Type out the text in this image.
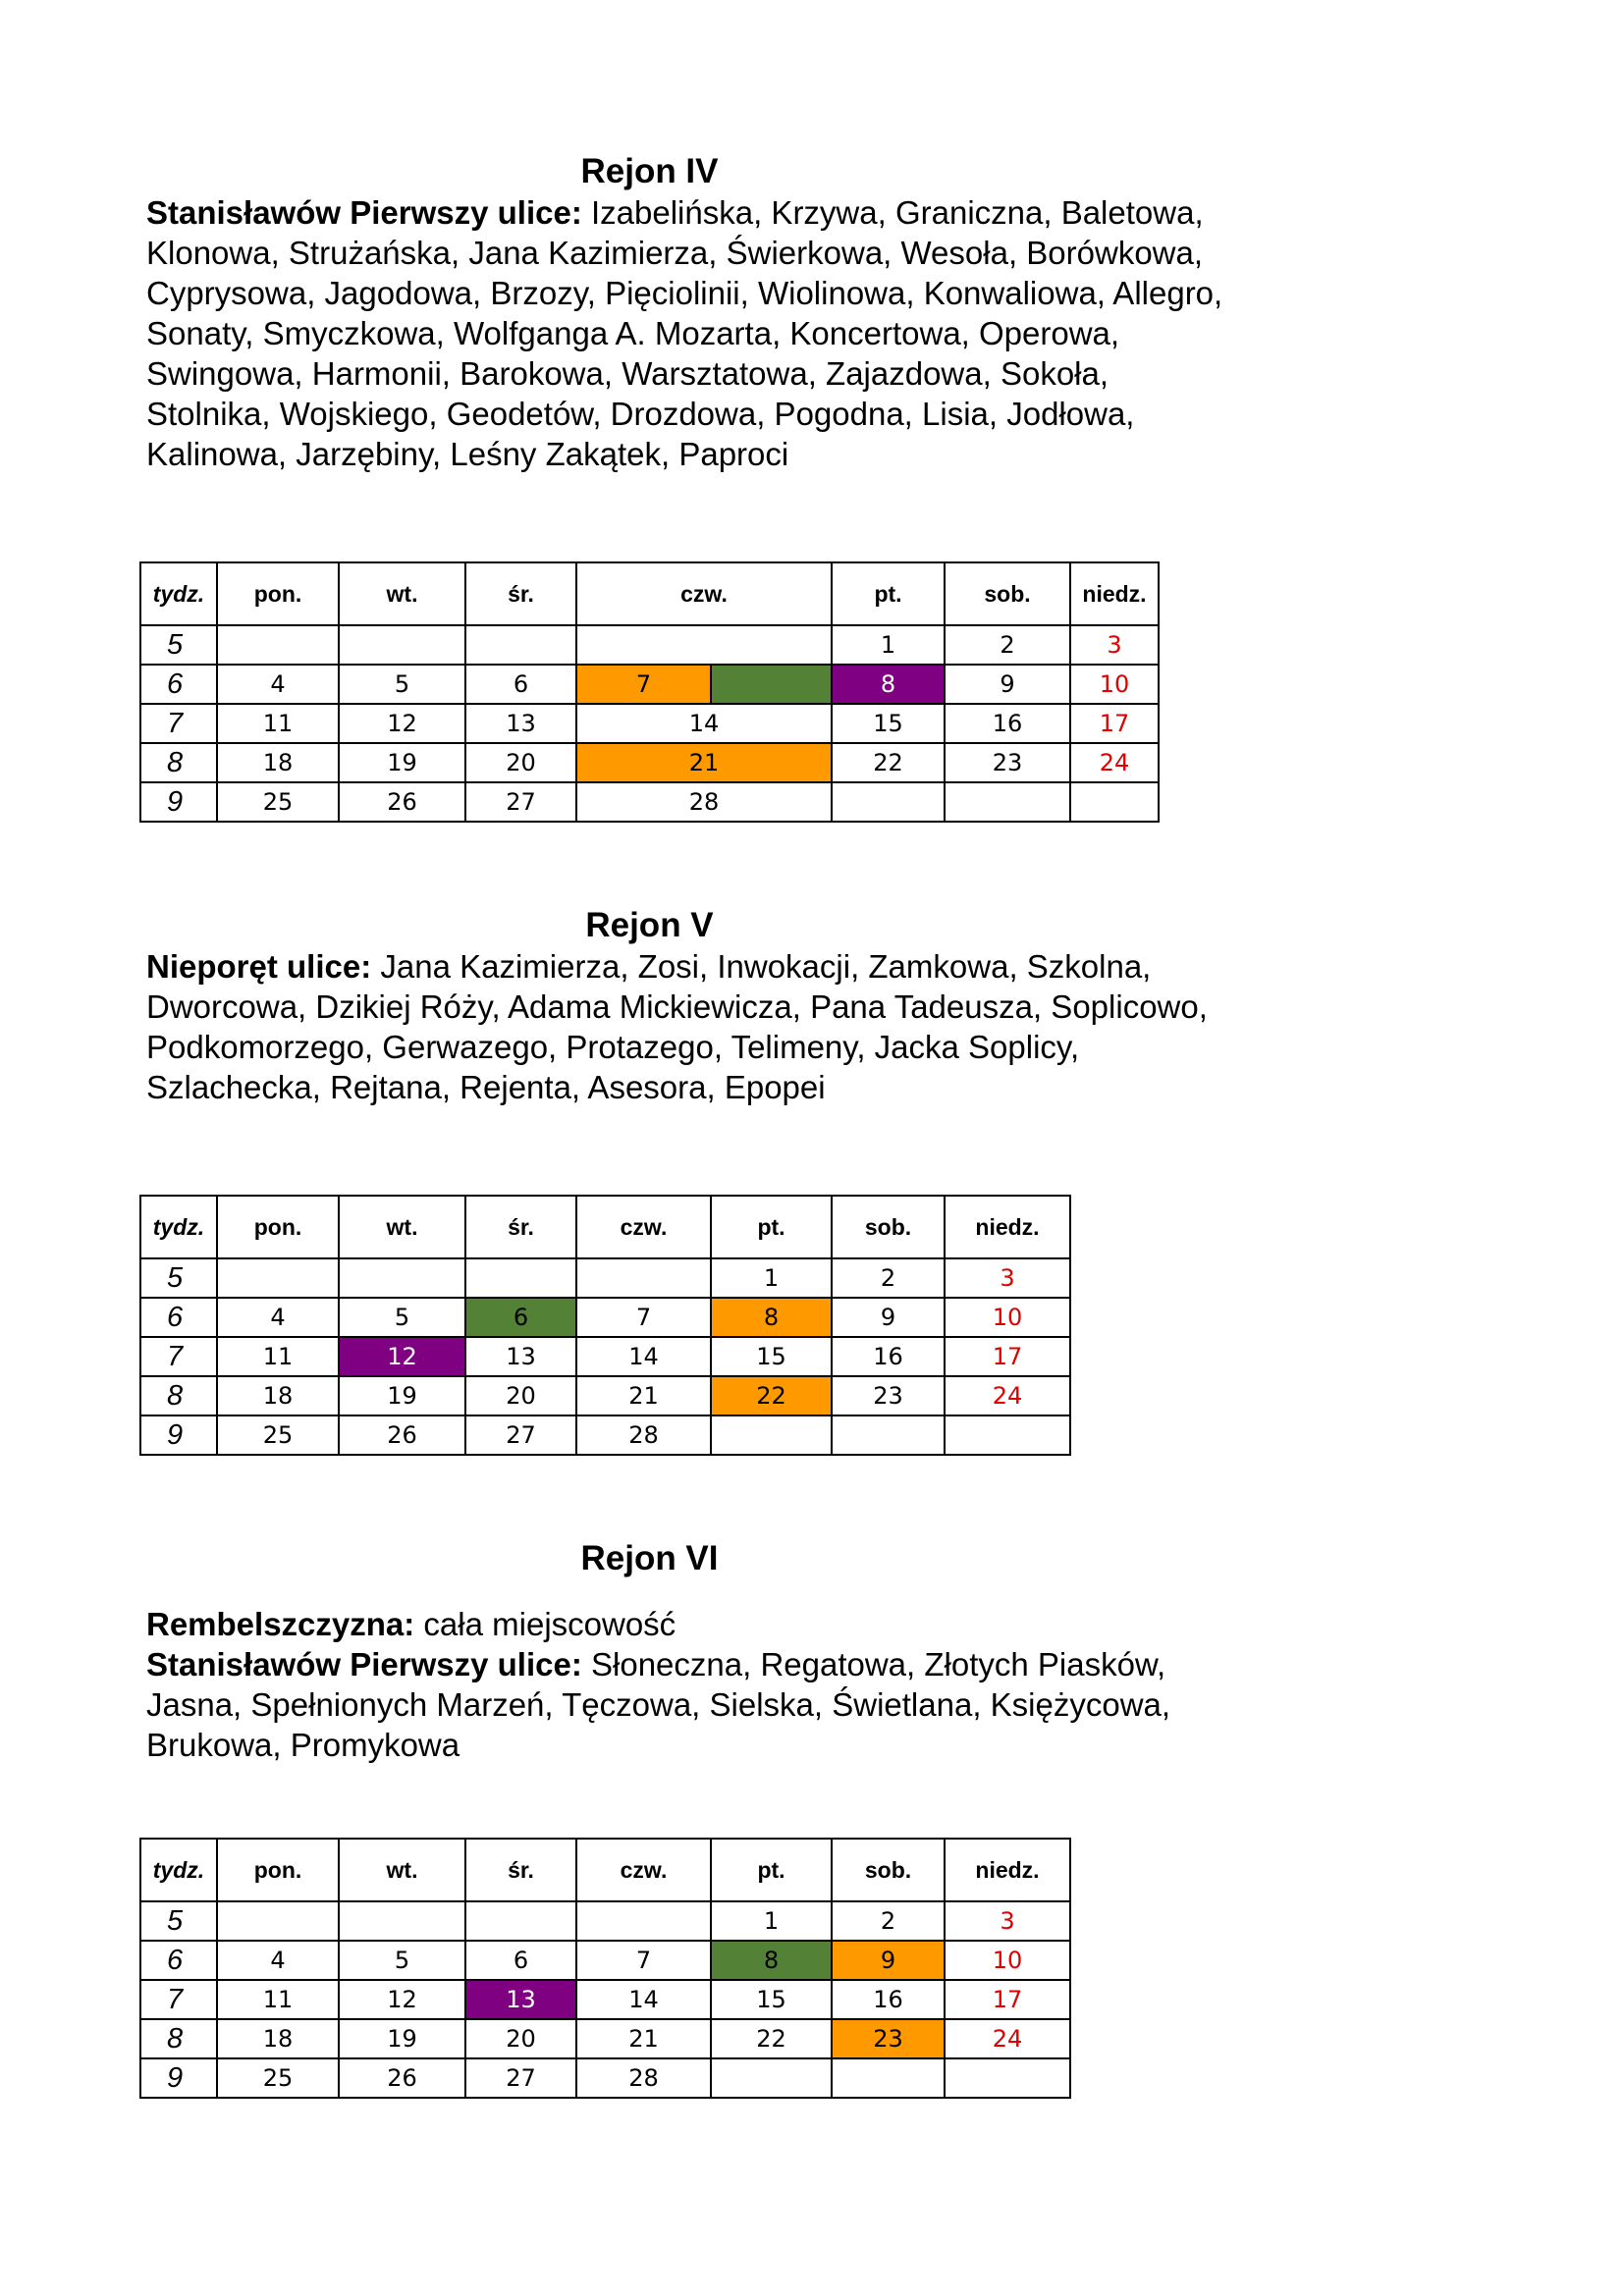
Rejon IV

Stanisławów Pierwszy ulice: Izabelińska, Krzywa, Graniczna, Baletowa, Klonowa, Strużańska, Jana Kazimierza, Świerkowa, Wesoła, Borówkowa, Cyprysowa, Jagodowa, Brzozy, Pięciolinii, Wiolinowa, Konwaliowa, Allegro, Sonaty, Smyczkowa, Wolfganga A. Mozarta, Koncertowa, Operowa, Swingowa, Harmonii, Barokowa, Warsztatowa, Zajazdowa, Sokoła, Stolnika, Wojskiego, Geodetów, Drozdowa, Pogodna, Lisia, Jodłowa, Kalinowa, Jarzębiny, Leśny Zakątek, Paproci

tydz.	pon.	wt.	śr.	czw.		pt.	sob.	niedz.
5						1	2	3
6	4	5	6	7		8	9	10
7	11	12	13	14		15	16	17
8	18	19	20	21		22	23	24
9	25	26	27	28				
Rejon V

Nieporęt ulice: Jana Kazimierza, Zosi, Inwokacji, Zamkowa, Szkolna, Dworcowa, Dzikiej Róży, Adama Mickiewicza, Pana Tadeusza, Soplicowo, Podkomorzego, Gerwazego, Protazego, Telimeny, Jacka Soplicy, Szlachecka, Rejtana, Rejenta, Asesora, Epopei

tydz.	pon.	wt.	śr.	czw.	pt.	sob.	niedz.
5					1	2	3
6	4	5	6	7	8	9	10
7	11	12	13	14	15	16	17
8	18	19	20	21	22	23	24
9	25	26	27	28			
Rejon VI

Rembelszczyzna: cała miejscowość
Stanisławów Pierwszy ulice: Słoneczna, Regatowa, Złotych Piasków, Jasna, Spełnionych Marzeń, Tęczowa, Sielska, Świetlana, Księżycowa, Brukowa, Promykowa

tydz.	pon.	wt.	śr.	czw.	pt.	sob.	niedz.
5					1	2	3
6	4	5	6	7	8	9	10
7	11	12	13	14	15	16	17
8	18	19	20	21	22	23	24
9	25	26	27	28			
